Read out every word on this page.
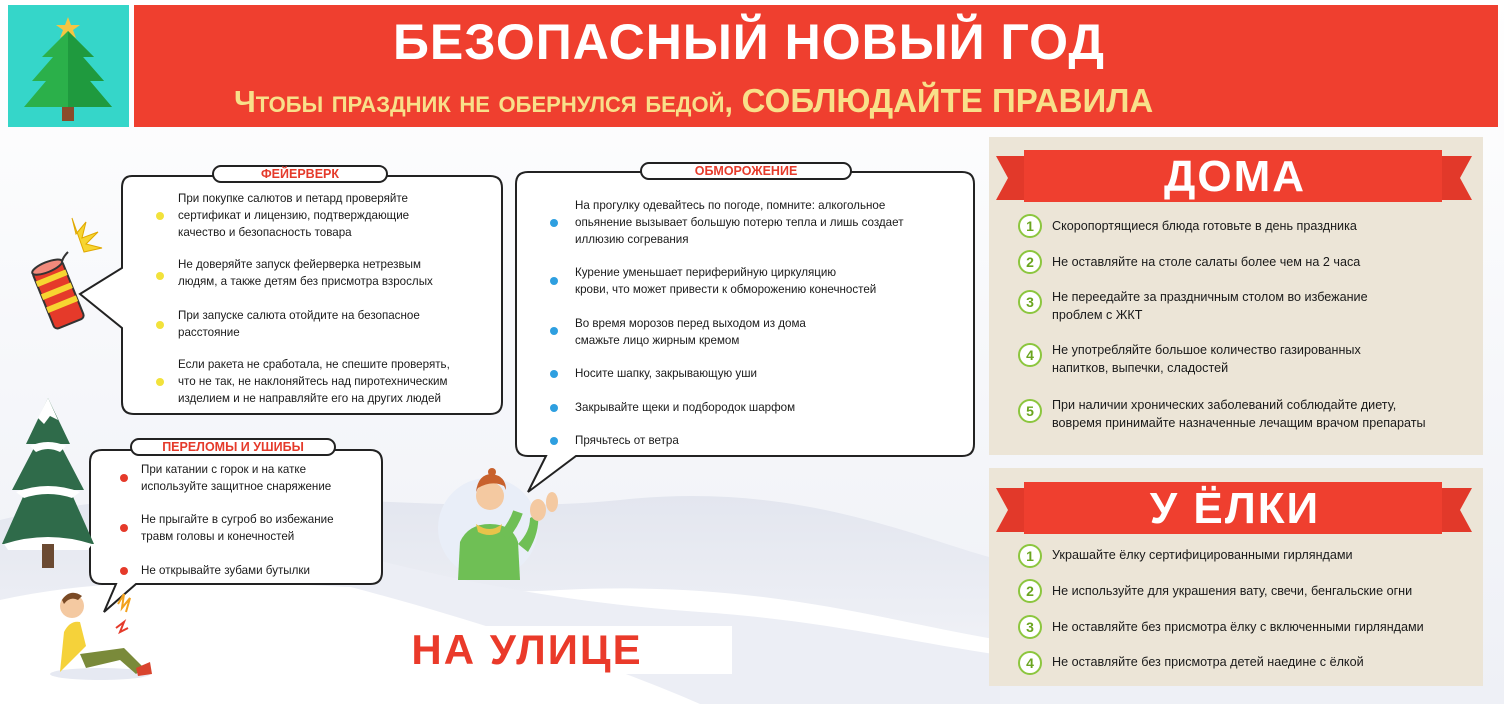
БЕЗОПАСНЫЙ НОВЫЙ ГОД
Чтобы праздник не обернулся бедой, СОБЛЮДАЙТЕ ПРАВИЛА
ФЕЙЕРВЕРК
При покупке салютов и петард проверяйте
сертификат и лицензию, подтверждающие
качество и безопасность товара
Не доверяйте запуск фейерверка нетрезвым
людям, а также детям без присмотра взрослых
При запуске салюта отойдите на безопасное
расстояние
Если ракета не сработала, не спешите проверять,
что не так, не наклоняйтесь над пиротехническим
изделием и не направляйте его на других людей
ОБМОРОЖЕНИЕ
На прогулку одевайтесь по погоде, помните: алкогольное
опьянение вызывает большую потерю тепла и лишь создает
иллюзию согревания
Курение уменьшает периферийную циркуляцию
крови, что может привести к обморожению конечностей
Во время морозов перед выходом из дома
смажьте лицо жирным кремом
Носите шапку, закрывающую уши
Закрывайте щеки и подбородок шарфом
Прячьтесь от ветра
ПЕРЕЛОМЫ И УШИБЫ
При катании с горок и на катке
используйте защитное снаряжение
Не прыгайте в сугроб во избежание
травм головы и конечностей
Не открывайте зубами бутылки
ДОМА
1	Скоропортящиеся блюда готовьте в день праздника
2	Не оставляйте на столе салаты более чем на 2 часа
3	Не переедайте за праздничным столом во избежание
проблем с ЖКТ
4	Не употребляйте большое количество газированных
напитков, выпечки, сладостей
5	При наличии хронических заболеваний соблюдайте диету,
вовремя принимайте назначенные лечащим врачом препараты
У ЁЛКИ
1	Украшайте ёлку сертифицированными гирляндами
2	Не используйте для украшения вату, свечи, бенгальские огни
3	Не оставляйте без присмотра ёлку с включенными гирляндами
4	Не оставляйте без присмотра детей наедине с ёлкой
НА УЛИЦЕ
